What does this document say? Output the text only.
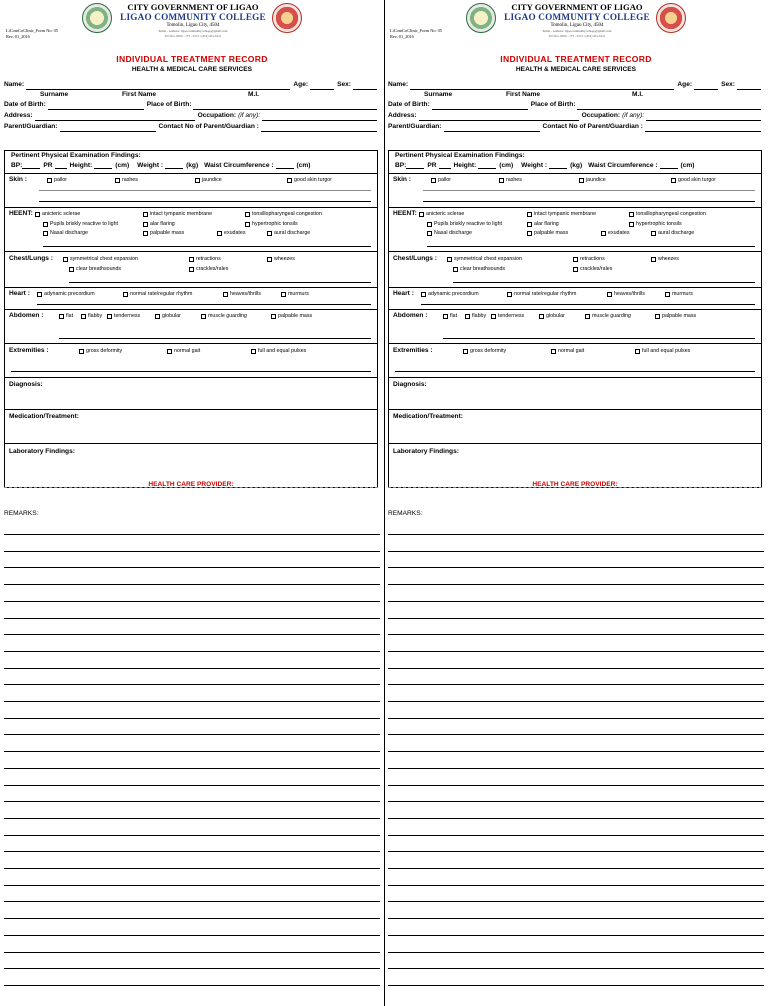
LiComCoClinic_Form No. 05
Rev. 01_2016
CITY GOVERNMENT OF LIGAO
LIGAO COMMUNITY COLLEGE
Tomolin, Ligao City, 4504
Email - Address: ligaocommunitycollege@gmail.com
Tel Nos: 0926 - 772 - 2313 / (052) 431-6121
INDIVIDUAL TREATMENT RECORD
HEALTH & MEDICAL CARE SERVICES
Name:	Age:	Sex:
Surname	First Name	M.I.
Date of Birth:	Place of Birth:
Address:	Occupation: (if any):
Parent/Guardian:	Contact No of Parent/Guardian :
Pertinent Physical Examination Findings:
BP:	PR	Height:	(cm) Weight :	(kg) Waist Circumference :	(cm)
Skin :	pallor	rashes	jaundice	good skin turgor
HEENT: anicteric sclerae	intact tympanic membrane	tonsillopharyngeal congestion
Pupils briskly reactive to light	alar flaring	hypertrophic tonsils
Nasal discharge	palpable mass	exudates	aural discharge
Chest/Lungs :	symmetrical chest expansion	retractions	wheezes
clear breathsounds	crackles/rales
Heart :	adynamic precordium	normal rate/regular rhythm	heaves/thrills	murmurs
Abdomen :	flat	flabby tenderness	globular	muscle guarding	palpable mass
Extremities :	gross deformity	normal gait	full and equal pulses
Diagnosis:
Medication/Treatment:
Laboratory Findings:
HEALTH CARE PROVIDER:
LiComCoClinic_Form No. 05
Rev. 01_2016
CITY GOVERNMENT OF LIGAO
LIGAO COMMUNITY COLLEGE
Tomolin, Ligao City, 4504
Email - Address: ligaocommunitycollege@gmail.com
Tel Nos: 0926 - 772 - 2313 / (052) 431-6121
INDIVIDUAL TREATMENT RECORD
HEALTH & MEDICAL CARE SERVICES
Name:	Age:	Sex:
Surname	First Name	M.I.
Date of Birth:	Place of Birth:
Address:	Occupation: (if any):
Parent/Guardian:	Contact No of Parent/Guardian :
Pertinent Physical Examination Findings:
BP:	PR	Height:	(cm) Weight :	(kg) Waist Circumference :	(cm)
Skin :	pallor	rashes	jaundice	good skin turgor
HEENT: anicteric sclerae	intact tympanic membrane	tonsillopharyngeal congestion
Pupils briskly reactive to light	alar flaring	hypertrophic tonsils
Nasal discharge	palpable mass	exudates	aural discharge
Chest/Lungs :	symmetrical chest expansion	retractions	wheezes
clear breathsounds	crackles/rales
Heart :	adynamic precordium	normal rate/regular rhythm	heaves/thrills	murmurs
Abdomen :	flat	flabby tenderness	globular	muscle guarding	palpable mass
Extremities :	gross deformity	normal gait	full and equal pulses
Diagnosis:
Medication/Treatment:
Laboratory Findings:
HEALTH CARE PROVIDER:
REMARKS:	REMARKS:
